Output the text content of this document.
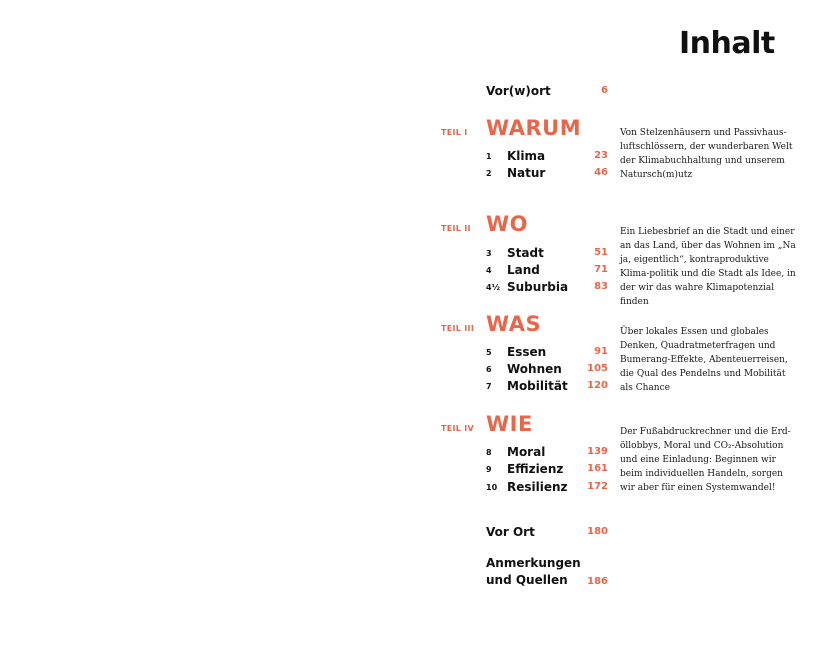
Inhalt
Vor(w)ort	6
TEIL I WARUM
1 Klima	23
2 Natur	46
Von Stelzenhäusern und Passivhaus-luftschlössern, der wunderbaren Welt der Klimabuchhaltung und unserem Natursch(m)utz
TEIL II WO
3 Stadt	51
4 Land	71
4½ Suburbia	83
Ein Liebesbrief an die Stadt und einer an das Land, über das Wohnen im „Na ja, eigentlich“, kontraproduktive Klima-politik und die Stadt als Idee, in der wir das wahre Klimapotenzial finden
TEIL III WAS
5 Essen	91
6 Wohnen	105
7 Mobilität 120
Über lokales Essen und globales Denken, Quadratmeterfragen und Bumerang-Effekte, Abenteuerreisen, die Qual des Pendelns und Mobilität als Chance
TEIL IV WIE
8 Moral	139
9 Effizienz 161
10 Resilienz 172
Der Fußabdruckrechner und die Erd-öllobbys, Moral und CO₂-Absolution und eine Einladung: Beginnen wir beim individuellen Handeln, sorgen wir aber für einen Systemwandel!
Vor Ort	180
Anmerkungen
und Quellen	186
